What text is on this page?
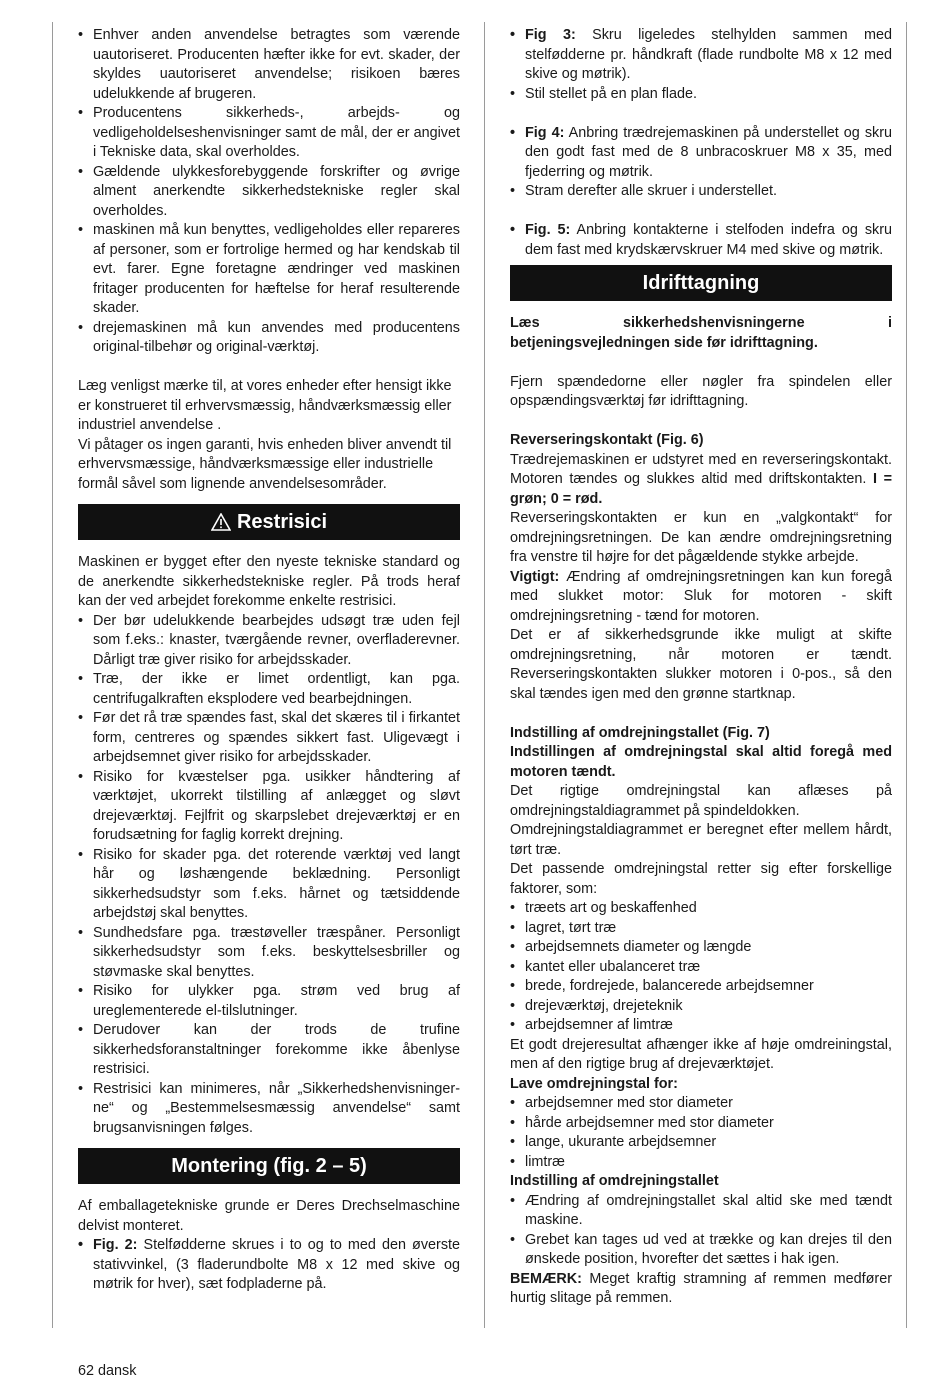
• Enhver anden anvendelse betragtes som værende uautoriseret. Producenten hæfter ikke for evt. skader, der skyldes uautoriseret anvendelse; risikoen bæres udelukkende af brugeren.
• Producentens sikkerheds-, arbejds- og vedligeholdelseshenvisninger samt de mål, der er angivet i Tekniske data, skal overholdes.
• Gældende ulykkesforebyggende forskrifter og øvrige alment anerkendte sikkerhedstekniske regler skal overholdes.
• maskinen må kun benyttes, vedligeholdes eller repareres af personer, som er fortrolige hermed og har kendskab til evt. farer. Egne foretagne ændringer ved maskinen fritager producenten for hæftelse for heraf resulterende skader.
• drejemaskinen må kun anvendes med producentens original-tilbehør og original-værktøj.

Læg venligst mærke til, at vores enheder efter hensigt ikke er konstrueret til erhvervsmæssig, håndværksmæssig eller industriel anvendelse .

Vi påtager os ingen garanti, hvis enheden bliver anvendt til erhvervsmæssige, håndværksmæssige eller industrielle formål såvel som lignende anvendelsesområder.

Restrisici

Maskinen er bygget efter den nyeste tekniske standard og de anerkendte sikkerhedstekniske regler. På trods heraf kan der ved arbejdet forekomme enkelte restrisici.

• Der bør udelukkende bearbejdes udsøgt træ uden fejl som f.eks.: knaster, tværgående revner, overfladerevner. Dårligt træ giver risiko for arbejdsskader.
• Træ, der ikke er limet ordentligt, kan pga. centrifugalkraften eksplodere ved bearbejdningen.
• Før det rå træ spændes fast, skal det skæres til i firkantet form, centreres og spændes sikkert fast. Uligevægt i arbejdsemnet giver risiko for arbejdsskader.
• Risiko for kvæstelser pga. usikker håndtering af værktøjet, ukorrekt tilstilling af anlægget og sløvt drejeværktøj. Fejlfrit og skarpslebet drejeværktøj er en forudsætning for faglig korrekt drejning.
• Risiko for skader pga. det roterende værktøj ved langt hår og løshængende beklædning. Personligt sikkerhedsudstyr som f.eks. hårnet og tætsiddende arbejdstøj skal benyttes.
• Sundhedsfare pga. træstøveller træspåner. Personligt sikkerhedsudstyr som f.eks. beskyttelsesbriller og støvmaske skal benyttes.
• Risiko for ulykker pga. strøm ved brug af ureglementerede el-tilslutninger.
• Derudover kan der trods de trufine sikkerhedsforanstaltninger forekomme ikke åbenlyse restrisici.
• Restrisici kan minimeres, når „Sikkerhedshenvisninger-ne“ og „Bestemmelsesmæssig anvendelse“ samt brugsanvisningen følges.
Montering (fig. 2 – 5)

Af emballagetekniske grunde er Deres Drechselmaschine delvist monteret.

• Fig. 2: Stelfødderne skrues i to og to med den øverste stativvinkel, (3 fladerundbolte M8 x 12 med skive og møtrik for hver), sæt fodpladerne på.
• Fig 3: Skru ligeledes stelhylden sammen med stelfødderne pr. håndkraft (flade rundbolte M8 x 12 med skive og møtrik).
• Stil stellet på en plan flade.
• Fig 4: Anbring trædrejemaskinen på understellet og skru den godt fast med de 8 unbracoskruer M8 x 35, med fjederring og møtrik.
• Stram derefter alle skruer i understellet.
• Fig. 5: Anbring kontakterne i stelfoden indefra og skru dem fast med krydskærvskruer M4 med skive og møtrik.
Idrifttagning

Læs sikkerhedshenvisningerne i betjeningsvejledningen side før idrifttagning.

Fjern spændedorne eller nøgler fra spindelen eller opspændingsværktøj før idrifttagning.

Reverseringskontakt (Fig. 6)

Trædrejemaskinen er udstyret med en reverseringskontakt. Motoren tændes og slukkes altid med driftskontakten. I = grøn; 0 = rød.

Reverseringskontakten er kun en „valgkontakt“ for omdrejningsretningen. De kan ændre omdrejningsretning fra venstre til højre for det pågældende stykke arbejde.

Vigtigt: Ændring af omdrejningsretningen kan kun foregå med slukket motor: Sluk for motoren - skift omdrejningsretning - tænd for motoren.

Det er af sikkerhedsgrunde ikke muligt at skifte omdrejningsretning, når motoren er tændt. Reverseringskontakten slukker motoren i 0-pos., så den skal tændes igen med den grønne startknap.

Indstilling af omdrejningstallet (Fig. 7)

Indstillingen af omdrejningstal skal altid foregå med motoren tændt.

Det rigtige omdrejningstal kan aflæses på omdrejningstaldiagrammet på spindeldokken.

Omdrejningstaldiagrammet er beregnet efter mellem hårdt, tørt træ.

Det passende omdrejningstal retter sig efter forskellige faktorer, som:

• træets art og beskaffenhed
• lagret, tørt træ
• arbejdsemnets diameter og længde
• kantet eller ubalanceret træ
• brede, fordrejede, balancerede arbejdsemner
• drejeværktøj, drejeteknik
• arbejdsemner af limtræ

Et godt drejeresultat afhænger ikke af høje omdreiningstal, men af den rigtige brug af drejeværktøjet.

Lave omdrejningstal for:

• arbejdsemner med stor diameter
• hårde arbejdsemner med stor diameter
• lange, ukurante arbejdsemner
• limtræ

Indstilling af omdrejningstallet

• Ændring af omdrejningstallet skal altid ske med tændt maskine.
• Grebet kan tages ud ved at trække og kan drejes til den ønskede position, hvorefter det sættes i hak igen.

BEMÆRK: Meget kraftig stramning af remmen medfører hurtig slitage på remmen.

62 dansk
